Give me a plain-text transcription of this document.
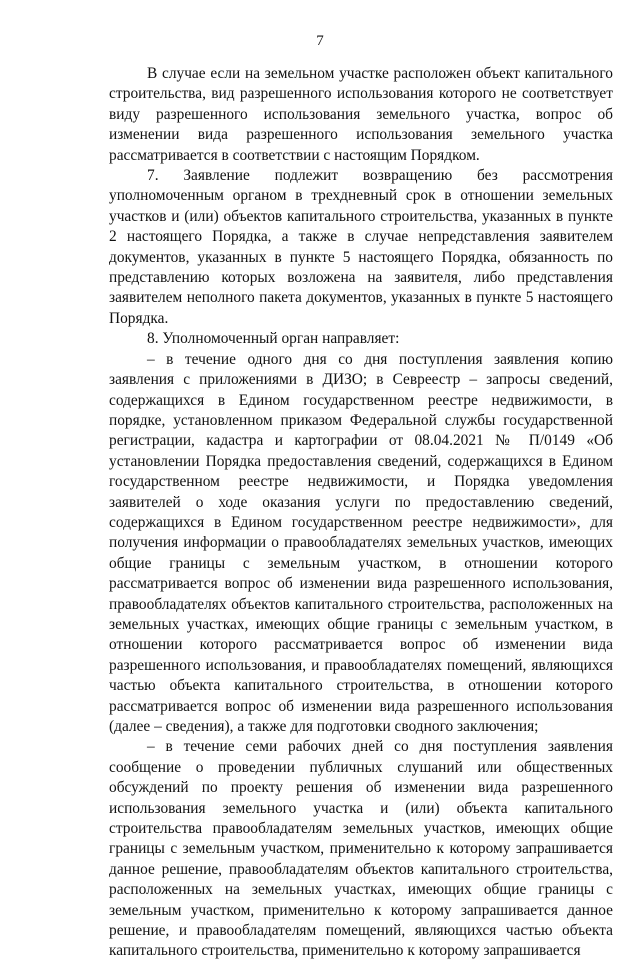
7

В случае если на земельном участке расположен объект капитального строительства, вид разрешенного использования которого не соответствует виду разрешенного использования земельного участка, вопрос об изменении вида разрешенного использования земельного участка рассматривается в соответствии с настоящим Порядком.

7. Заявление подлежит возвращению без рассмотрения уполномоченным органом в трехдневный срок в отношении земельных участков и (или) объектов капитального строительства, указанных в пункте 2 настоящего Порядка, а также в случае непредставления заявителем документов, указанных в пункте 5 настоящего Порядка, обязанность по представлению которых возложена на заявителя, либо представления заявителем неполного пакета документов, указанных в пункте 5 настоящего Порядка.

8. Уполномоченный орган направляет:

– в течение одного дня со дня поступления заявления копию заявления с приложениями в ДИЗО; в Севреестр – запросы сведений, содержащихся в Едином государственном реестре недвижимости, в порядке, установленном приказом Федеральной службы государственной регистрации, кадастра и картографии от 08.04.2021 № П/0149 «Об установлении Порядка предоставления сведений, содержащихся в Едином государственном реестре недвижимости, и Порядка уведомления заявителей о ходе оказания услуги по предоставлению сведений, содержащихся в Едином государственном реестре недвижимости», для получения информации о правообладателях земельных участков, имеющих общие границы с земельным участком, в отношении которого рассматривается вопрос об изменении вида разрешенного использования, правообладателях объектов капитального строительства, расположенных на земельных участках, имеющих общие границы с земельным участком, в отношении которого рассматривается вопрос об изменении вида разрешенного использования, и правообладателях помещений, являющихся частью объекта капитального строительства, в отношении которого рассматривается вопрос об изменении вида разрешенного использования (далее – сведения), а также для подготовки сводного заключения;

– в течение семи рабочих дней со дня поступления заявления сообщение о проведении публичных слушаний или общественных обсуждений по проекту решения об изменении вида разрешенного использования земельного участка и (или) объекта капитального строительства правообладателям земельных участков, имеющих общие границы с земельным участком, применительно к которому запрашивается данное решение, правообладателям объектов капитального строительства, расположенных на земельных участках, имеющих общие границы с земельным участком, применительно к которому запрашивается данное решение, и правообладателям помещений, являющихся частью объекта капитального строительства, применительно к которому запрашивается
